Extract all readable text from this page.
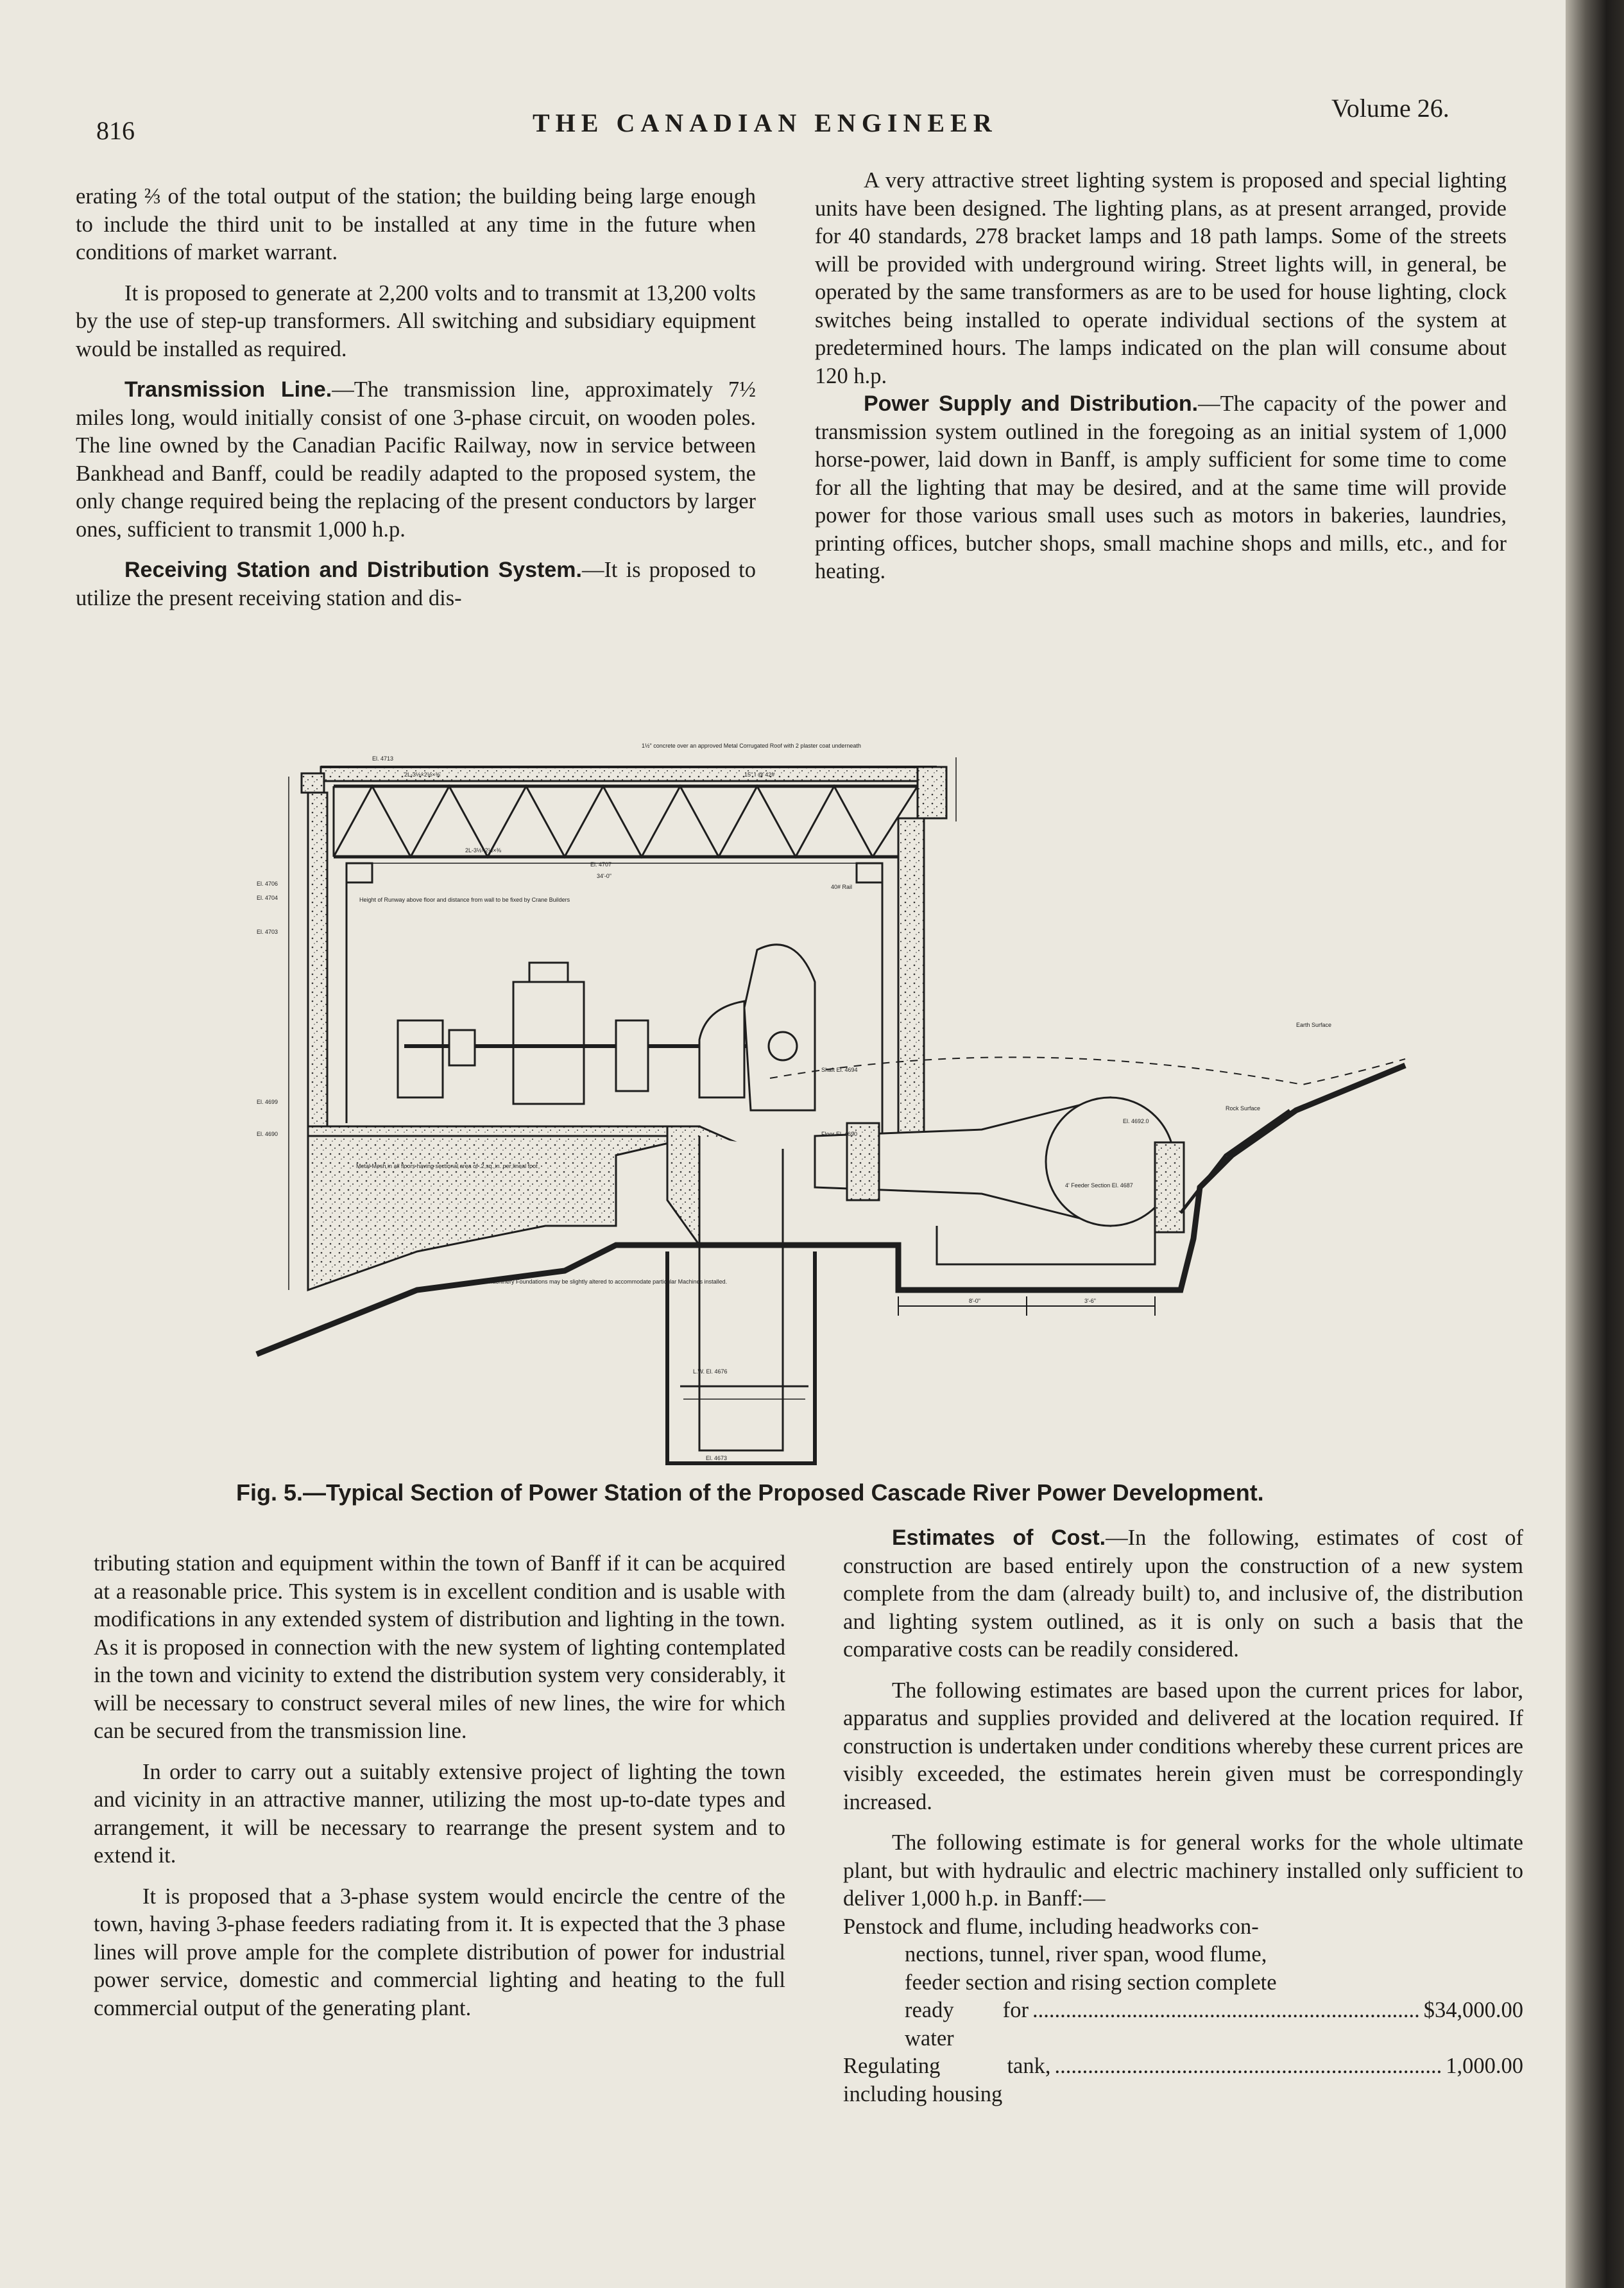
816	THE CANADIAN ENGINEER
Volume 26.

erating ⅔ of the total output of the station; the building being large enough to include the third unit to be installed at any time in the future when conditions of market warrant.

It is proposed to generate at 2,200 volts and to transmit at 13,200 volts by the use of step-up transformers. All switching and subsidiary equipment would be installed as required.

Transmission Line.—The transmission line, approximately 7½ miles long, would initially consist of one 3-phase circuit, on wooden poles. The line owned by the Canadian Pacific Railway, now in service between Bankhead and Banff, could be readily adapted to the proposed system, the only change required being the replacing of the present conductors by larger ones, sufficient to transmit 1,000 h.p.

Receiving Station and Distribution System.—It is proposed to utilize the present receiving station and dis-

A very attractive street lighting system is proposed and special lighting units have been designed. The lighting plans, as at present arranged, provide for 40 standards, 278 bracket lamps and 18 path lamps. Some of the streets will be provided with underground wiring. Street lights will, in general, be operated by the same transformers as are to be used for house lighting, clock switches being installed to operate individual sections of the system at predetermined hours. The lamps indicated on the plan will consume about 120 h.p.

Power Supply and Distribution.—The capacity of the power and transmission system outlined in the foregoing as an initial system of 1,000 horse-power, laid down in Banff, is amply sufficient for some time to come for all the lighting that may be desired, and at the same time will provide power for those various small uses such as motors in bakeries, laundries, printing offices, butcher shops, small machine shops and mills, etc., and for heating.

El. 4713
1½" concrete over an approved Metal Corrugated Roof with 2 plaster coat underneath
2L-3½×2½×⅜
2L-3½×2½×⅜
15" I @ 42#
El. 4707
34'-0"
40# Rail
Height of Runway above floor and distance from wall to be fixed by Crane Builders
El. 4706
El. 4704
El. 4703
El. 4699
El. 4690
Shaft El. 4694
Floor El. 4690
Metal Mesh in all floors having sectional area of .2 sq. in. per lineal foot
Machinery Foundations may be slightly altered to accommodate particular Machines installed.
4' Feeder Section El. 4687
El. 4692.0
Earth Surface
Rock Surface
8'-0"	3'-6"
L.W. El. 4676
El. 4673
Fig. 5.—Typical Section of Power Station of the Proposed Cascade River Power Development.

tributing station and equipment within the town of Banff if it can be acquired at a reasonable price. This system is in excellent condition and is usable with modifications in any extended system of distribution and lighting in the town. As it is proposed in connection with the new system of lighting contemplated in the town and vicinity to extend the distribution system very considerably, it will be necessary to construct several miles of new lines, the wire for which can be secured from the transmission line.

In order to carry out a suitably extensive project of lighting the town and vicinity in an attractive manner, utilizing the most up-to-date types and arrangement, it will be necessary to rearrange the present system and to extend it.

It is proposed that a 3-phase system would encircle the centre of the town, having 3-phase feeders radiating from it. It is expected that the 3 phase lines will prove ample for the complete distribution of power for industrial power service, domestic and commercial lighting and heating to the full commercial output of the generating plant.

Estimates of Cost.—In the following, estimates of cost of construction are based entirely upon the construction of a new system complete from the dam (already built) to, and inclusive of, the distribution and lighting system outlined, as it is only on such a basis that the comparative costs can be readily considered.

The following estimates are based upon the current prices for labor, apparatus and supplies provided and delivered at the location required. If construction is undertaken under conditions whereby these current prices are visibly exceeded, the estimates herein given must be correspondingly increased.

The following estimate is for general works for the whole ultimate plant, but with hydraulic and electric machinery installed only sufficient to deliver 1,000 h.p. in Banff:—

Penstock and flume, including headworks con-
nections, tunnel, river span, wood flume,
feeder section and rising section complete
ready for water
...................................................................... $34,000.00
Regulating tank, including housing
...................................................................... 1,000.00
